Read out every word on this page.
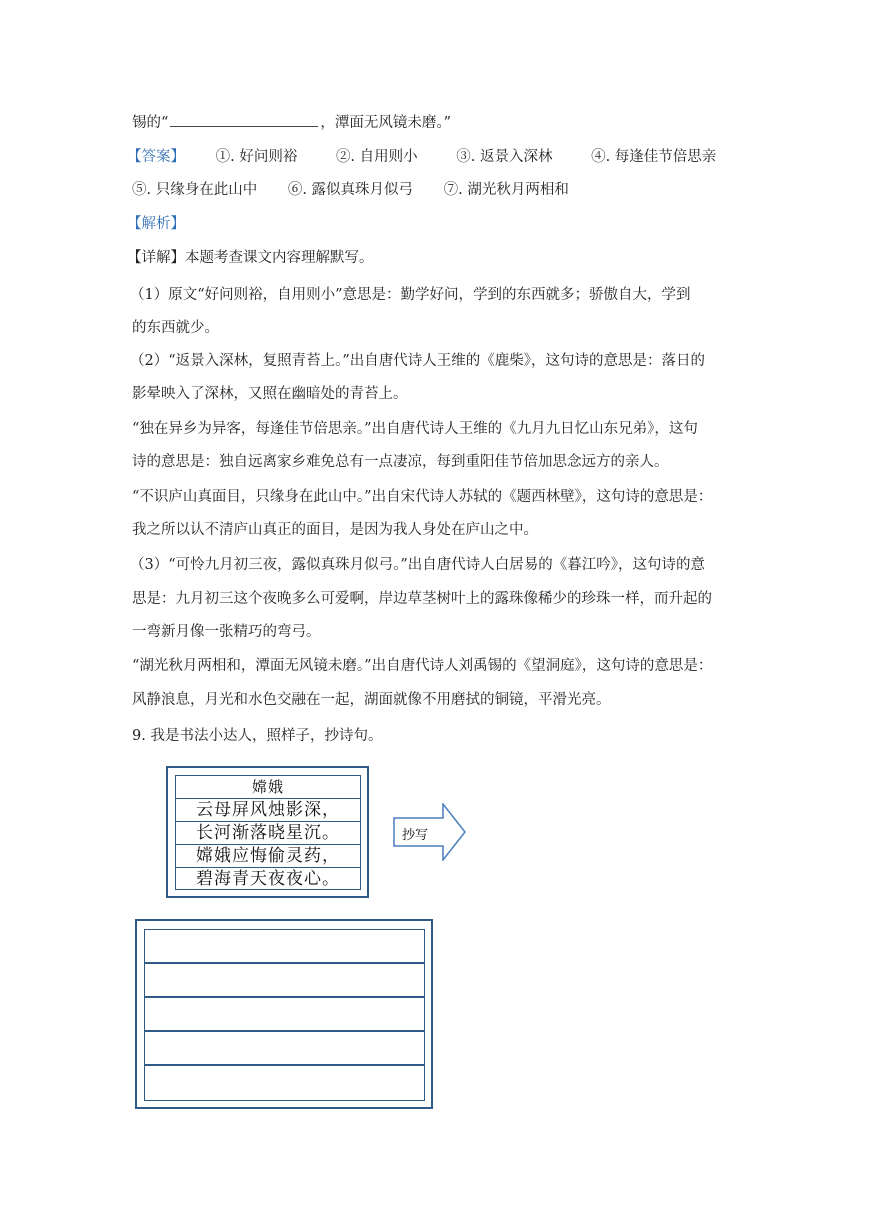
锡的“	，潭面无风镜未磨。”
【答案】 ①. 好问则裕	②. 自用则小	③. 返景入深林	④. 每逢佳节倍思亲
⑤. 只缘身在此山中 ⑥. 露似真珠月似弓 ⑦. 湖光秋月两相和
【解析】
【详解】本题考查课文内容理解默写。
（1）原文“好问则裕，自用则小”意思是：勤学好问，学到的东西就多；骄傲自大，学到
的东西就少。
（2）“返景入深林，复照青苔上。”出自唐代诗人王维的《鹿柴》，这句诗的意思是：落日的
影晕映入了深林，又照在幽暗处的青苔上。
“独在异乡为异客，每逢佳节倍思亲。”出自唐代诗人王维的《九月九日忆山东兄弟》，这句
诗的意思是：独自远离家乡难免总有一点凄凉，每到重阳佳节倍加思念远方的亲人。
“不识庐山真面目，只缘身在此山中。”出自宋代诗人苏轼的《题西林壁》，这句诗的意思是：
我之所以认不清庐山真正的面目，是因为我人身处在庐山之中。
（3）“可怜九月初三夜，露似真珠月似弓。”出自唐代诗人白居易的《暮江吟》，这句诗的意
思是：九月初三这个夜晚多么可爱啊，岸边草茎树叶上的露珠像稀少的珍珠一样，而升起的
一弯新月像一张精巧的弯弓。
“湖光秋月两相和，潭面无风镜未磨。”出自唐代诗人刘禹锡的《望洞庭》，这句诗的意思是：
风静浪息，月光和水色交融在一起，湖面就像不用磨拭的铜镜，平滑光亮。
9. 我是书法小达人，照样子，抄诗句。
嫦娥
云母屏风烛影深，
长河渐落晓星沉。
嫦娥应悔偷灵药，
碧海青天夜夜心。
抄写
